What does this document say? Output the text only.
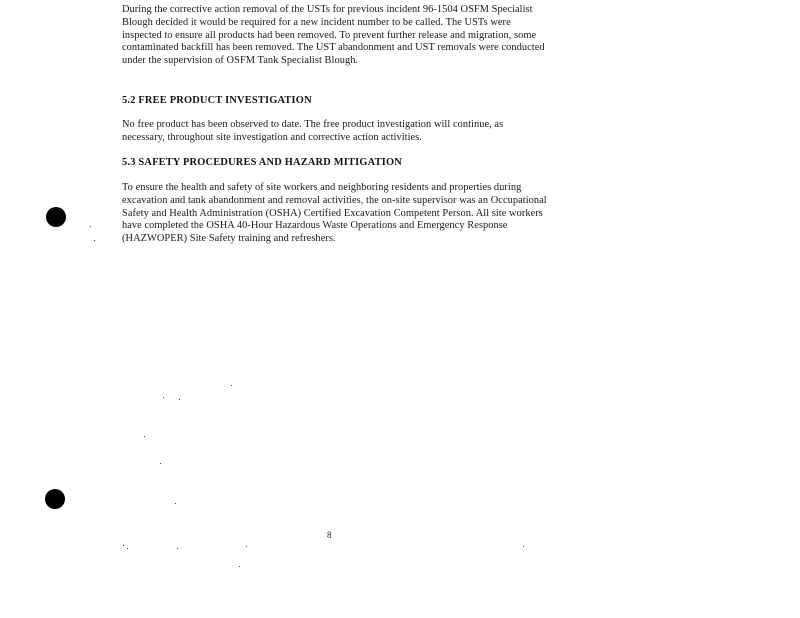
During the corrective action removal of the USTs for previous incident 96-1504 OSFM Specialist Blough decided it would be required for a new incident number to be called. The USTs were inspected to ensure all products had been removed. To prevent further release and migration, some contaminated backfill has been removed. The UST abandonment and UST removals were conducted under the supervision of OSFM Tank Specialist Blough.

5.2 FREE PRODUCT INVESTIGATION

No free product has been observed to date. The free product investigation will continue, as necessary, throughout site investigation and corrective action activities.

5.3 SAFETY PROCEDURES AND HAZARD MITIGATION

To ensure the health and safety of site workers and neighboring residents and properties during excavation and tank abandonment and removal activities, the on-site supervisor was an Occupational Safety and Health Administration (OSHA) Certified Excavation Competent Person. All site workers have completed the OSHA 40-Hour Hazardous Waste Operations and Emergency Response (HAZWOPER) Site Safety training and refreshers.

8
